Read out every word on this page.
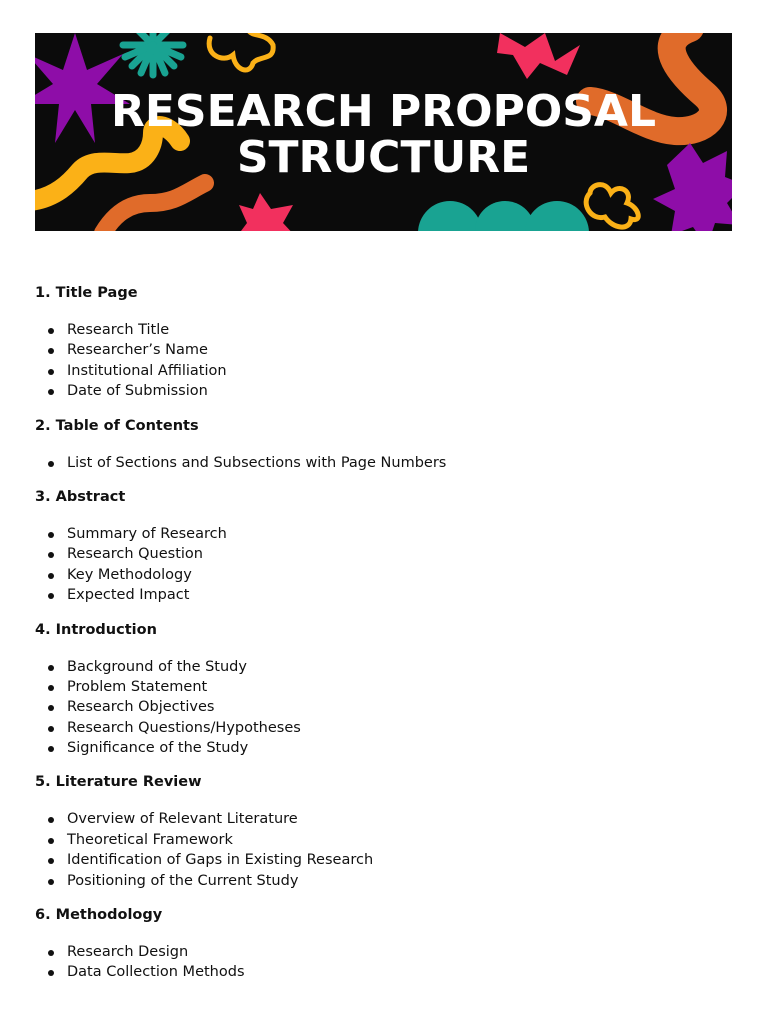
RESEARCH PROPOSAL
STRUCTURE
1. Title Page
Research Title
Researcher’s Name
Institutional Affiliation
Date of Submission
2. Table of Contents
List of Sections and Subsections with Page Numbers
3. Abstract
Summary of Research
Research Question
Key Methodology
Expected Impact
4. Introduction
Background of the Study
Problem Statement
Research Objectives
Research Questions/Hypotheses
Significance of the Study
5. Literature Review
Overview of Relevant Literature
Theoretical Framework
Identification of Gaps in Existing Research
Positioning of the Current Study
6. Methodology
Research Design
Data Collection Methods
